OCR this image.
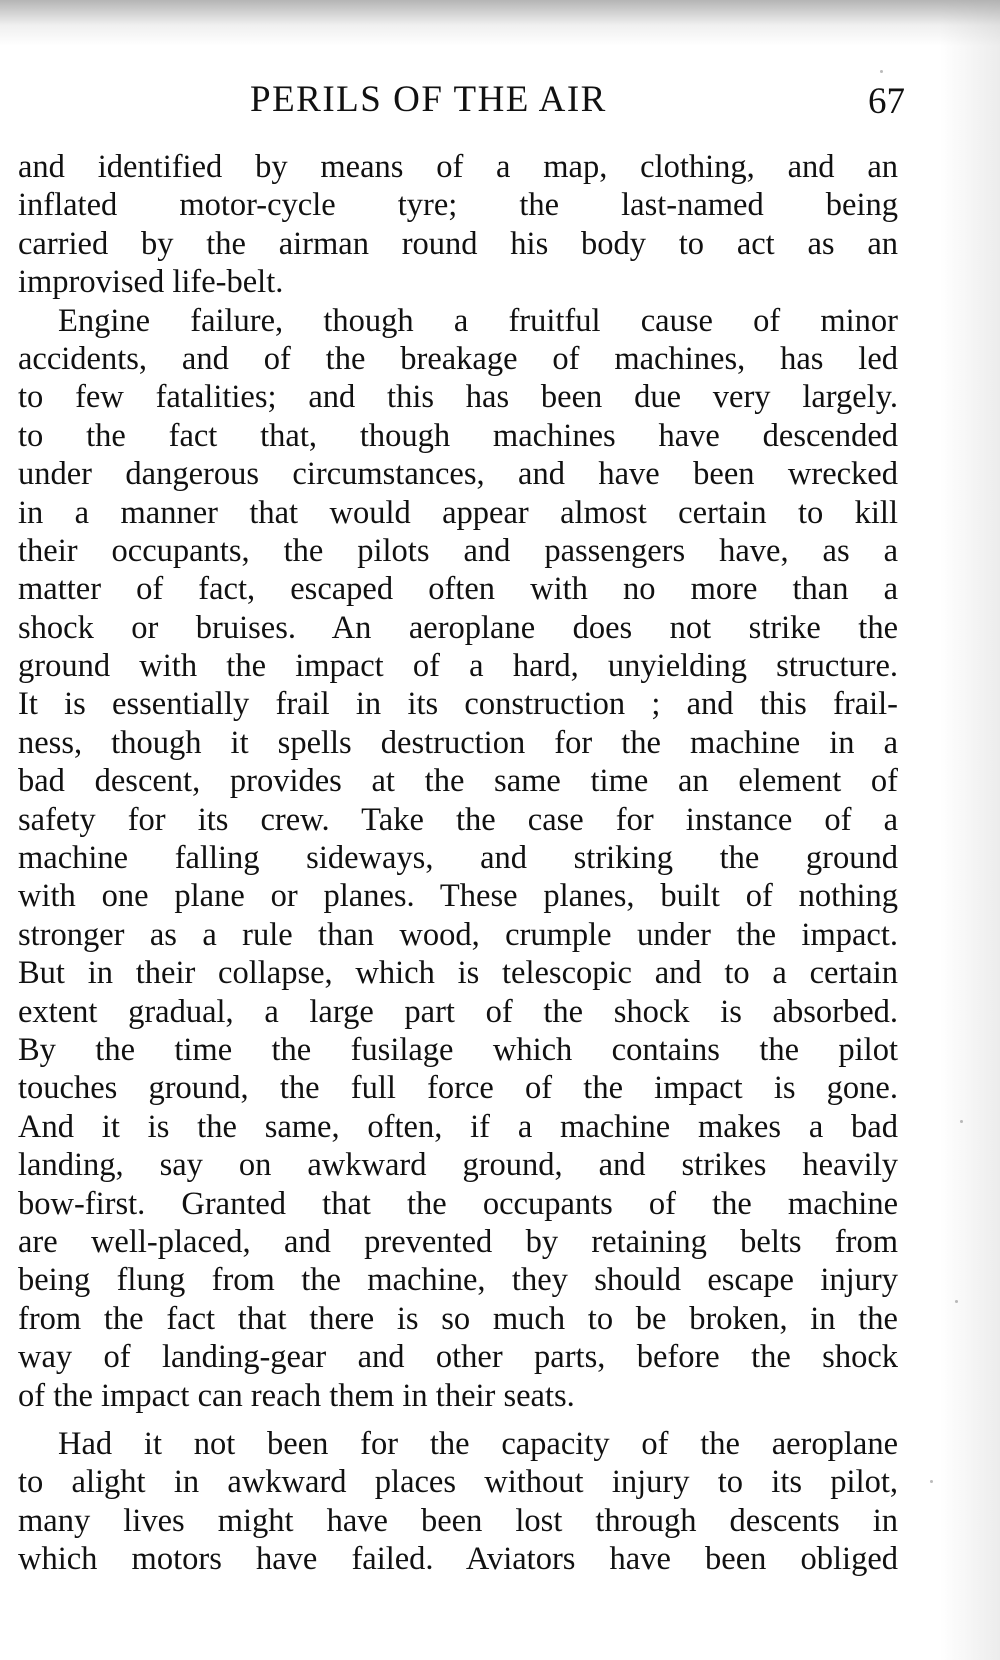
PERILS OF THE AIR	67
and identified by means of a map, clothing, and an
inflated motor-cycle tyre; the last-named being
carried by the airman round his body to act as an
improvised life-belt.
Engine failure, though a fruitful cause of minor
accidents, and of the breakage of machines, has led
to few fatalities; and this has been due very largely.
to the fact that, though machines have descended
under dangerous circumstances, and have been wrecked
in a manner that would appear almost certain to kill
their occupants, the pilots and passengers have, as a
matter of fact, escaped often with no more than a
shock or bruises. An aeroplane does not strike the
ground with the impact of a hard, unyielding structure.
It is essentially frail in its construction ; and this frail-
ness, though it spells destruction for the machine in a
bad descent, provides at the same time an element of
safety for its crew. Take the case for instance of a
machine falling sideways, and striking the ground
with one plane or planes. These planes, built of nothing
stronger as a rule than wood, crumple under the impact.
But in their collapse, which is telescopic and to a certain
extent gradual, a large part of the shock is absorbed.
By the time the fusilage which contains the pilot
touches ground, the full force of the impact is gone.
And it is the same, often, if a machine makes a bad
landing, say on awkward ground, and strikes heavily
bow-first. Granted that the occupants of the machine
are well-placed, and prevented by retaining belts from
being flung from the machine, they should escape injury
from the fact that there is so much to be broken, in the
way of landing-gear and other parts, before the shock
of the impact can reach them in their seats.
Had it not been for the capacity of the aeroplane
to alight in awkward places without injury to its pilot,
many lives might have been lost through descents in
which motors have failed. Aviators have been obliged
